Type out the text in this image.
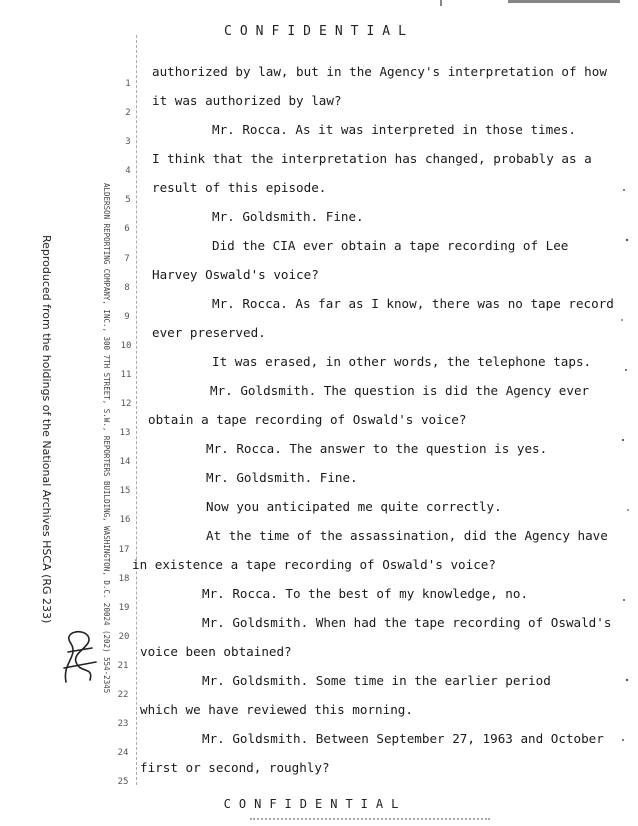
CONFIDENTIAL
Reproduced from the holdings of the National Archives HSCA (RG 233)	ALDERSON REPORTING COMPANY, INC., 300 7TH STREET, S.W., REPORTERS BUILDING, WASHINGTON, D.C. 20024 (202) 554-2345
1
2
3
4
5
6
7
8
9
10
11
12
13
14
15
16
17
18
19
20
21
22
23
24
25
authorized by law, but in the Agency's interpretation of how
it was authorized by law?
Mr. Rocca. As it was interpreted in those times.
I think that the interpretation has changed, probably as a
result of this episode.
Mr. Goldsmith. Fine.
Did the CIA ever obtain a tape recording of Lee
Harvey Oswald's voice?
Mr. Rocca. As far as I know, there was no tape record
ever preserved.
It was erased, in other words, the telephone taps.
Mr. Goldsmith. The question is did the Agency ever
obtain a tape recording of Oswald's voice?
Mr. Rocca. The answer to the question is yes.
Mr. Goldsmith. Fine.
Now you anticipated me quite correctly.
At the time of the assassination, did the Agency have
in existence a tape recording of Oswald's voice?
Mr. Rocca. To the best of my knowledge, no.
Mr. Goldsmith. When had the tape recording of Oswald's
voice been obtained?
Mr. Goldsmith. Some time in the earlier period
which we have reviewed this morning.
Mr. Goldsmith. Between September 27, 1963 and October
first or second, roughly?
CONFIDENTIAL
